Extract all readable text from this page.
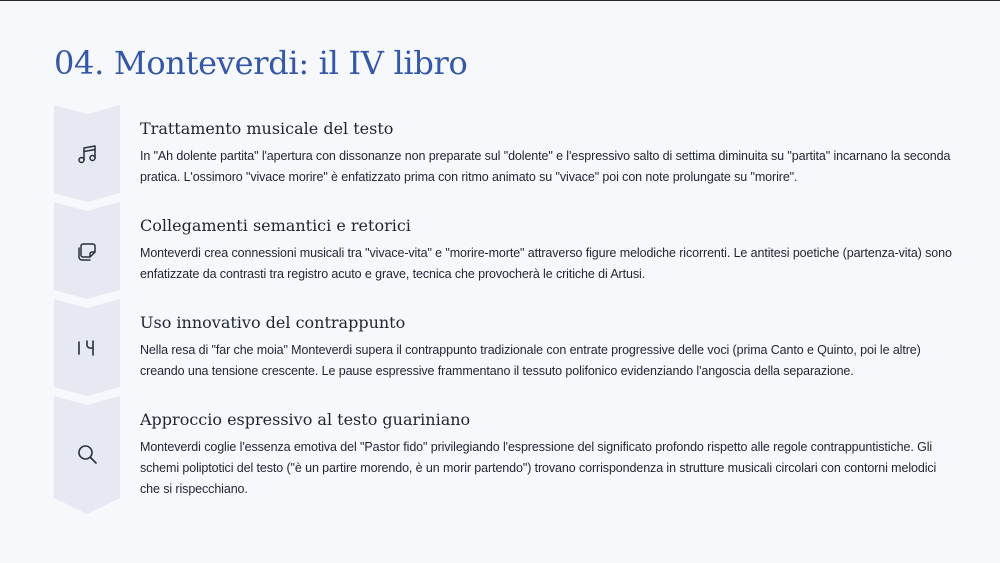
04. Monteverdi: il IV libro
Trattamento musicale del testo
In "Ah dolente partita" l'apertura con dissonanze non preparate sul "dolente" e l'espressivo salto di settima diminuita su "partita" incarnano la seconda pratica. L'ossimoro "vivace morire" è enfatizzato prima con ritmo animato su "vivace" poi con note prolungate su "morire".
Collegamenti semantici e retorici
Monteverdi crea connessioni musicali tra "vivace-vita" e "morire-morte" attraverso figure melodiche ricorrenti. Le antitesi poetiche (partenza-vita) sono enfatizzate da contrasti tra registro acuto e grave, tecnica che provocherà le critiche di Artusi.
Uso innovativo del contrappunto
Nella resa di "far che moia" Monteverdi supera il contrappunto tradizionale con entrate progressive delle voci (prima Canto e Quinto, poi le altre) creando una tensione crescente. Le pause espressive frammentano il tessuto polifonico evidenziando l'angoscia della separazione.
Approccio espressivo al testo guariniano
Monteverdi coglie l'essenza emotiva del "Pastor fido" privilegiando l'espressione del significato profondo rispetto alle regole contrappuntistiche. Gli schemi poliptotici del testo ("è un partire morendo, è un morir partendo") trovano corrispondenza in strutture musicali circolari con contorni melodici che si rispecchiano.
